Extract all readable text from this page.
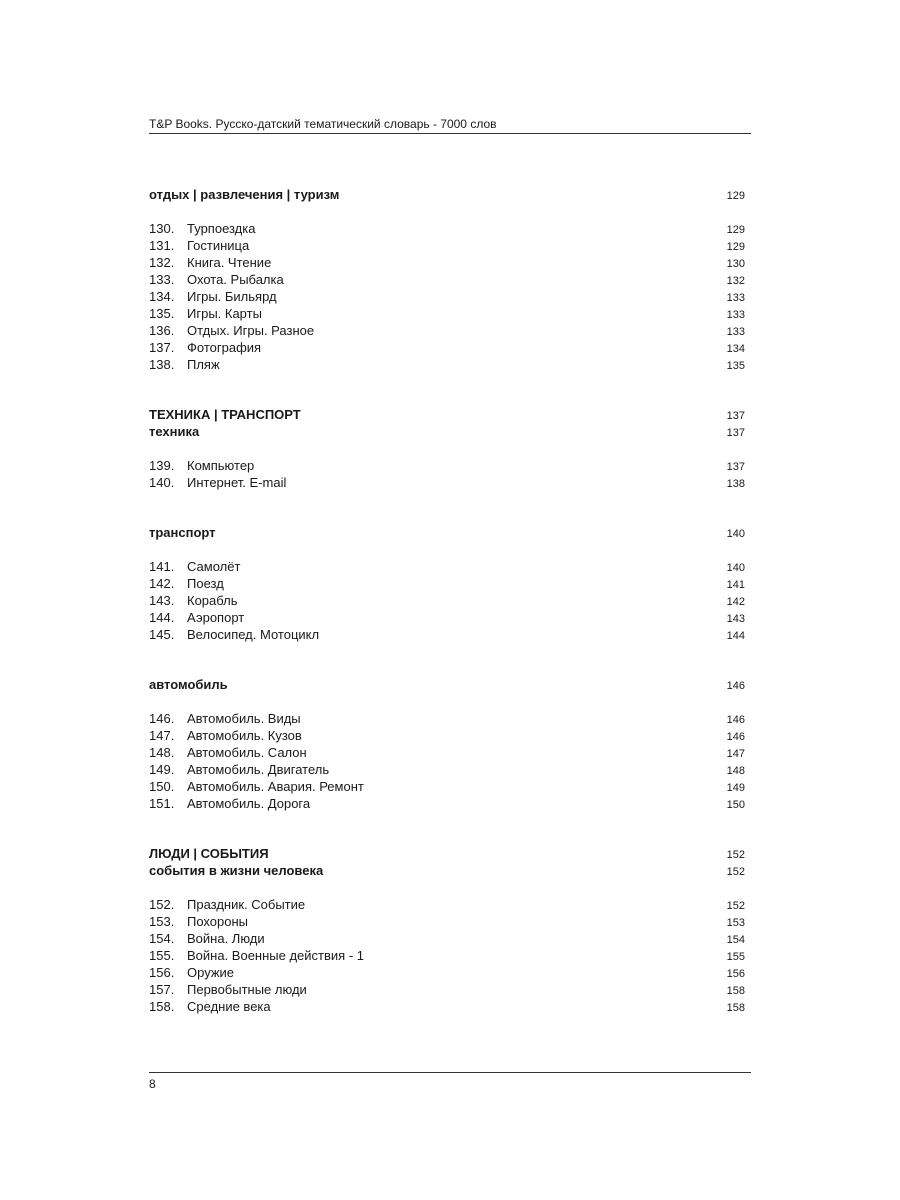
T&P Books. Русско-датский тематический словарь - 7000 слов
отдых | развлечения | туризм	129
130. Турпоездка	129
131. Гостиница	129
132. Книга. Чтение	130
133. Охота. Рыбалка	132
134. Игры. Бильярд	133
135. Игры. Карты	133
136. Отдых. Игры. Разное	133
137. Фотография	134
138. Пляж	135
ТЕХНИКА | ТРАНСПОРТ	137
техника	137
139. Компьютер	137
140. Интернет. E-mail	138
транспорт	140
141. Самолёт	140
142. Поезд	141
143. Корабль	142
144. Аэропорт	143
145. Велосипед. Мотоцикл	144
автомобиль	146
146. Автомобиль. Виды	146
147. Автомобиль. Кузов	146
148. Автомобиль. Салон	147
149. Автомобиль. Двигатель	148
150. Автомобиль. Авария. Ремонт	149
151. Автомобиль. Дорога	150
ЛЮДИ | СОБЫТИЯ	152
события в жизни человека	152
152. Праздник. Событие	152
153. Похороны	153
154. Война. Люди	154
155. Война. Военные действия - 1	155
156. Оружие	156
157. Первобытные люди	158
158. Средние века	158
8
